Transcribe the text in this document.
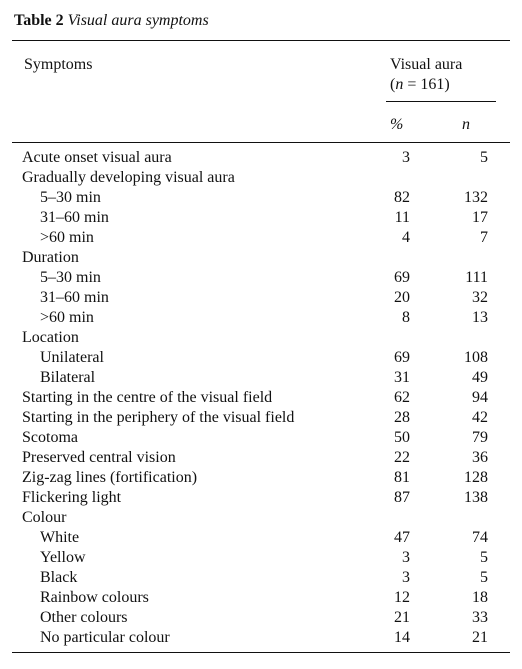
Table 2 Visual aura symptoms
Symptoms	Visual aura
(n = 161)
%	n
Acute onset visual aura	3	5
Gradually developing visual aura
5–30 min	82	132
31–60 min	11	17
>60 min	4	7
Duration
5–30 min	69	111
31–60 min	20	32
>60 min	8	13
Location
Unilateral	69	108
Bilateral	31	49
Starting in the centre of the visual field	62	94
Starting in the periphery of the visual field	28	42
Scotoma	50	79
Preserved central vision	22	36
Zig-zag lines (fortification)	81	128
Flickering light	87	138
Colour
White	47	74
Yellow	3	5
Black	3	5
Rainbow colours	12	18
Other colours	21	33
No particular colour	14	21
